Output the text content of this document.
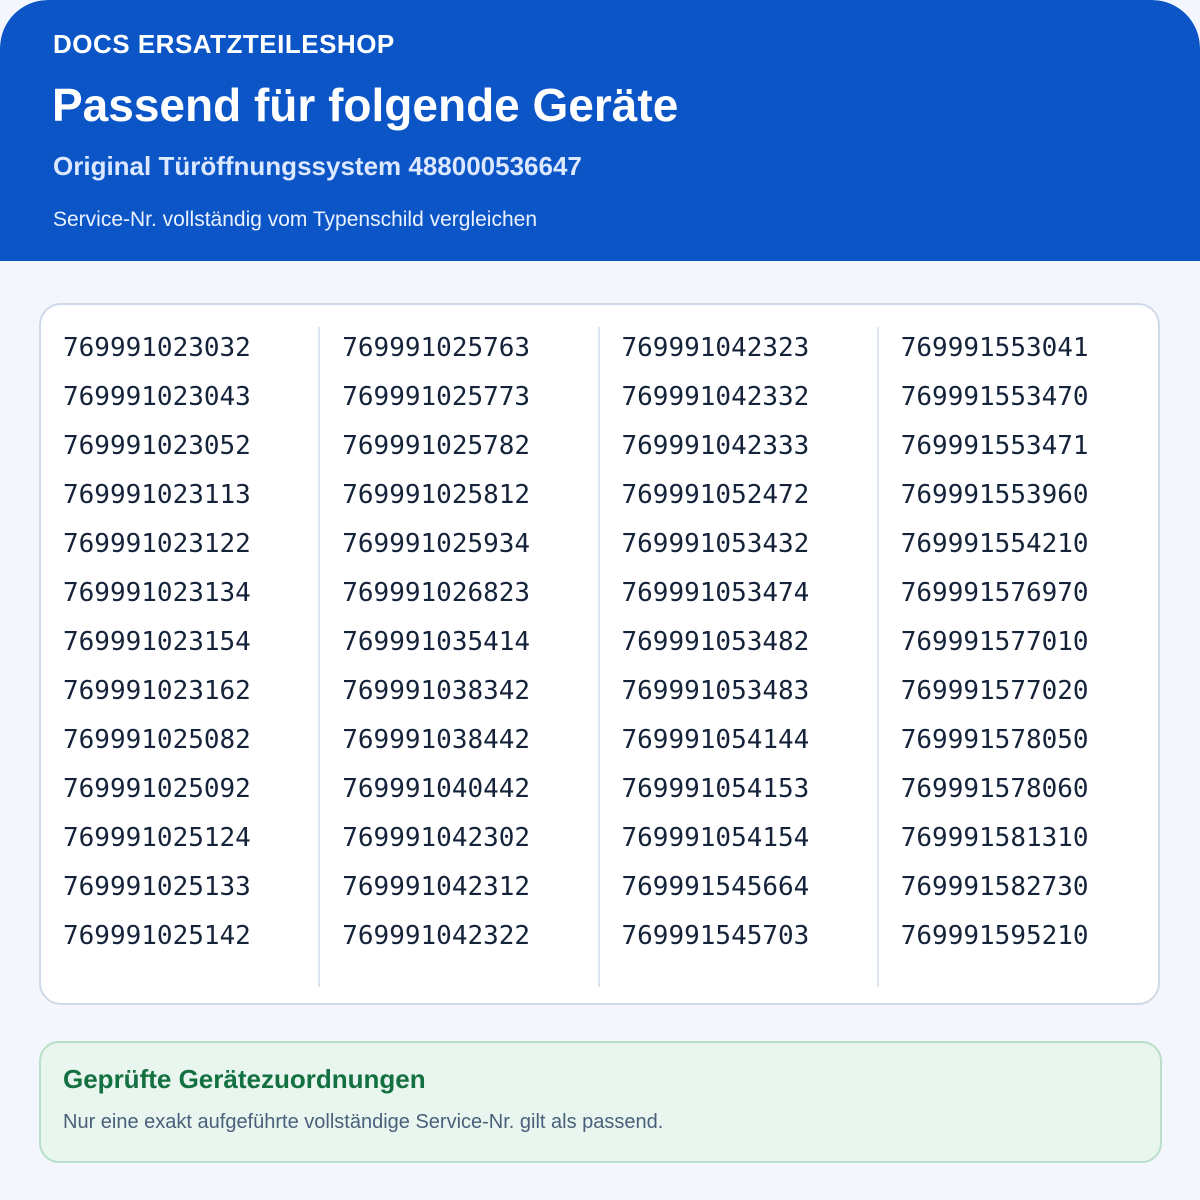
DOCS ERSATZTEILESHOP
Passend für folgende Geräte
Original Türöffnungssystem 488000536647
Service-Nr. vollständig vom Typenschild vergleichen
769991023032
769991023043
769991023052
769991023113
769991023122
769991023134
769991023154
769991023162
769991025082
769991025092
769991025124
769991025133
769991025142
769991025763
769991025773
769991025782
769991025812
769991025934
769991026823
769991035414
769991038342
769991038442
769991040442
769991042302
769991042312
769991042322
769991042323
769991042332
769991042333
769991052472
769991053432
769991053474
769991053482
769991053483
769991054144
769991054153
769991054154
769991545664
769991545703
769991553041
769991553470
769991553471
769991553960
769991554210
769991576970
769991577010
769991577020
769991578050
769991578060
769991581310
769991582730
769991595210
Geprüfte Gerätezuordnungen
Nur eine exakt aufgeführte vollständige Service-Nr. gilt als passend.
